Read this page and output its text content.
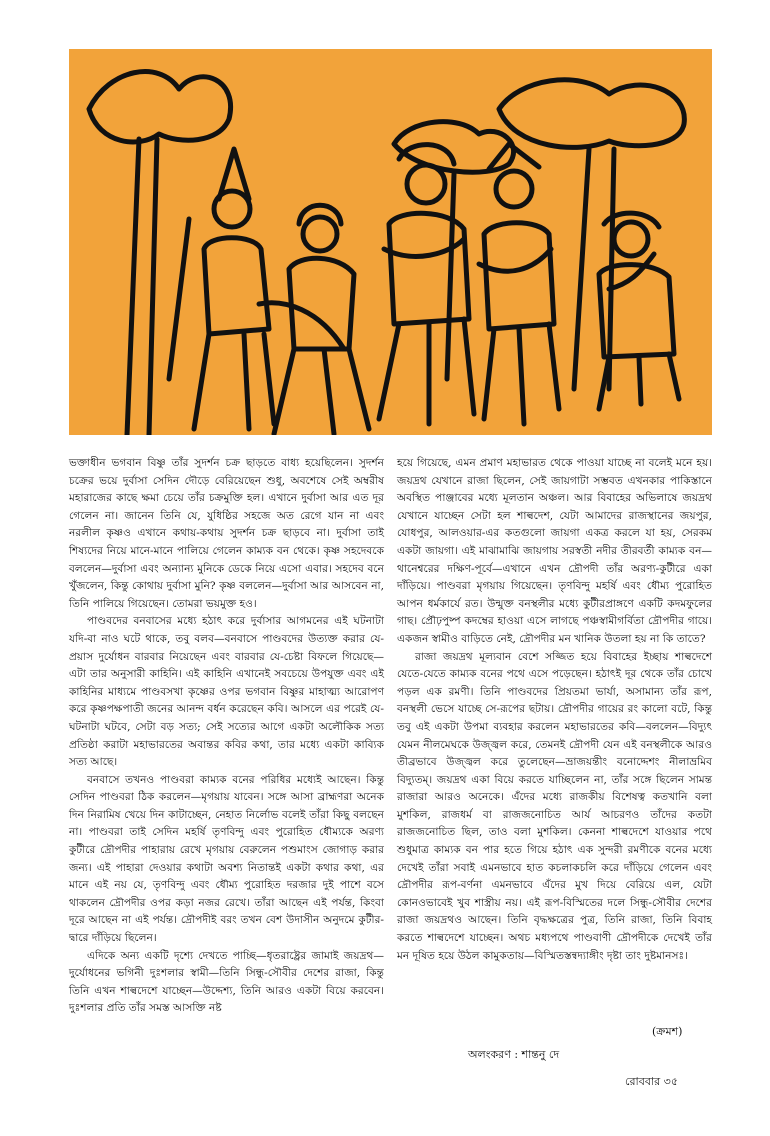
ভক্তাধীন ভগবান বিষ্ণু তাঁর সুদর্শন চক্র ছাড়তে বাধ্য হয়েছিলেন। সুদর্শন চক্রের ভয়ে দুর্বাসা সেদিন দৌড়ে বেরিয়েছেন শুধু, অবশেষে সেই অম্বরীষ মহারাজের কাছে ক্ষমা চেয়ে তাঁর চক্রমুক্তি হল। এখানে দুর্বাসা আর এত দূর গেলেন না। জানেন তিনি যে, যুধিষ্ঠির সহজে অত রেগে যান না এবং নরলীল কৃষ্ণও এখানে কথায়-কথায় সুদর্শন চক্র ছাড়বে না। দুর্বাসা তাই শিষ্যদের নিয়ে মানে-মানে পালিয়ে গেলেন কাম্যক বন থেকে। কৃষ্ণ সহদেবকে বললেন—দুর্বাসা এবং অন্যান্য মুনিকে ডেকে নিয়ে এসো এবার। সহদেব বনে খুঁজলেন, কিন্তু কোথায় দুর্বাসা মুনি? কৃষ্ণ বললেন—দুর্বাসা আর আসবেন না, তিনি পালিয়ে গিয়েছেন। তোমরা ভয়মুক্ত হও।

পাণ্ডবদের বনবাসের মধ্যে হঠাৎ করে দুর্বাসার আগমনের এই ঘটনাটা যদি-বা নাও ঘটে থাকে, তবু বলব—বনবাসে পাণ্ডবদের উত্যক্ত করার যে-প্রয়াস দুর্যোধন বারবার নিয়েছেন এবং বারবার যে-চেষ্টা বিফলে গিয়েছে—এটা তার অনুসারী কাহিনি। এই কাহিনি এখানেই সবচেয়ে উপযুক্ত এবং এই কাহিনির মাধ্যমে পাণ্ডবসখা কৃষ্ণের ওপর ভগবান বিষ্ণুর মাহাত্ম্য আরোপণ করে কৃষ্ণপক্ষপাতী জনের আনন্দ বর্ধন করেছেন কবি। আসলে এর পরেই যে-ঘটনাটা ঘটবে, সেটা বড় সত্য; সেই সত্যের আগে একটা অলৌকিক সত্য প্রতিষ্ঠা করাটা মহাভারতের অবান্তর কবির কথা, তার মধ্যে একটা কাব্যিক সত্য আছে।

বনবাসে তখনও পাণ্ডবরা কাম্যক বনের পরিধির মধ্যেই আছেন। কিন্তু সেদিন পাণ্ডবরা ঠিক করলেন—মৃগয়ায় যাবেন। সঙ্গে আসা ব্রাহ্মণরা অনেক দিন নিরামিষ খেয়ে দিন কাটাচ্ছেন, নেহাত নির্লোভ বলেই তাঁরা কিছু বলছেন না। পাণ্ডবরা তাই সেদিন মহর্ষি তৃণবিন্দু এবং পুরোহিত ধৌম্যকে অরণ্য কুটীরে দ্রৌপদীর পাহারায় রেখে মৃগয়ায় বেরুলেন পশুমাংস জোগাড় করার জন্য। এই পাহারা দেওয়ার কথাটা অবশ্য নিতান্তই একটা কথার কথা, এর মানে এই নয় যে, তৃণবিন্দু এবং ধৌম্য পুরোহিত দরজার দুই পাশে বসে থাকলেন দ্রৌপদীর ওপর কড়া নজর রেখে। তাঁরা আছেন এই পর্যন্ত, কিংবা দূরে আছেন না এই পর্যন্ত। দ্রৌপদীই বরং তখন বেশ উদাসীন অনুদমে কুটীর-দ্বারে দাঁড়িয়ে ছিলেন।

এদিকে অন্য একটি দৃশ্যে দেখতে পাচ্ছি—ধৃতরাষ্ট্রের জামাই জয়দ্রথ—দুর্যোধনের ভগিনী দুঃশলার স্বামী—তিনি সিন্ধু-সৌবীর দেশের রাজা, কিন্তু তিনি এখন শাল্বদেশে যাচ্ছেন—উদ্দেশ্য, তিনি আরও একটা বিয়ে করবেন। দুঃশলার প্রতি তাঁর সমস্ত আসক্তি নষ্ট

হয়ে গিয়েছে, এমন প্রমাণ মহাভারত থেকে পাওয়া যাচ্ছে না বলেই মনে হয়। জয়দ্রথ যেখানে রাজা ছিলেন, সেই জায়গাটা সম্ভবত এখনকার পাকিস্তানে অবস্থিত পাঞ্জাবের মধ্যে মূলতান অঞ্চল। আর বিবাহের অভিলাষে জয়দ্রথ যেখানে যাচ্ছেন সেটা হল শাল্বদেশ, যেটা আমাদের রাজস্থানের জয়পুর, যোধপুর, আলওয়ার-এর কতগুলো জায়গা একত্র করলে যা হয়, সেরকম একটা জায়গা। এই মাঝামাঝি জায়গায় সরস্বতী নদীর তীরবর্তী কাম্যক বন—থানেশ্বরের দক্ষিণ-পূর্বে—এখানে এখন দ্রৌপদী তাঁর অরণ্য-কুটীরে একা দাঁড়িয়ে। পাণ্ডবরা মৃগয়ায় গিয়েছেন। তৃণবিন্দু মহর্ষি এবং ধৌম্য পুরোহিত আপন ধর্মকার্যে রত। উন্মুক্ত বনস্থলীর মধ্যে কুটীরপ্রাঙ্গণে একটি কদমফুলের গাছ। প্রৌঢ়পুষ্প কদম্বের হাওয়া এসে লাগছে পঞ্চস্বামীগর্বিতা দ্রৌপদীর গায়ে। একজন স্বামীও বাড়িতে নেই, দ্রৌপদীর মন খানিক উতলা হয় না কি তাতে?

রাজা জয়দ্রথ মূল্যবান বেশে সজ্জিত হয়ে বিবাহের ইচ্ছায় শাল্বদেশে যেতে-যেতে কাম্যক বনের পথে এসে পড়েছেন। হঠাৎই দূর থেকে তাঁর চোখে পড়ল এক রমণী। তিনি পাণ্ডবদের প্রিয়তমা ভার্যা, অসামান্য তাঁর রূপ, বনস্থলী ভেসে যাচ্ছে সে-রূপের ছটায়। দ্রৌপদীর গায়ের রং কালো বটে, কিন্তু তবু এই একটা উপমা ব্যবহার করলেন মহাভারতের কবি—বললেন—বিদ্যুৎ যেমন নীলমেঘকে উজ্জ্বল করে, তেমনই দ্রৌপদী যেন এই বনস্থলীকে আরও তীব্রভাবে উজ্জ্বল করে তুলেছেন—ভ্রাজয়ন্তীং বনোদ্দেশং নীলাভ্রমিব বিদ্যুতম্। জয়দ্রথ একা বিয়ে করতে যাচ্ছিলেন না, তাঁর সঙ্গে ছিলেন সামন্ত রাজারা আরও অনেকে। এঁদের মধ্যে রাজকীয় বিশেষত্ব কতখানি বলা মুশকিল, রাজধর্ম বা রাজজনোচিত আর্য আচরণও তাঁদের কতটা রাজজনোচিত ছিল, তাও বলা মুশকিল। কেননা শাল্বদেশে যাওয়ার পথে শুধুমাত্র কাম্যক বন পার হতে গিয়ে হঠাৎ এক সুন্দরী রমণীকে বনের মধ্যে দেখেই তাঁরা সবাই এমনভাবে হাত কচলাকচলি করে দাঁড়িয়ে গেলেন এবং দ্রৌপদীর রূপ-বর্ণনা এমনভাবে এঁদের মুখ দিয়ে বেরিয়ে এল, যেটা কোনওভাবেই খুব শাস্ত্রীয় নয়। এই রূপ-বিস্মিতের দলে সিন্ধু-সৌবীর দেশের রাজা জয়দ্রথও আছেন। তিনি বৃদ্ধক্ষত্রের পুত্র, তিনি রাজা, তিনি বিবাহ করতে শাল্বদেশে যাচ্ছেন। অথচ মধ্যপথে পাণ্ডবাণী দ্রৌপদীকে দেখেই তাঁর মন দূষিত হয়ে উঠল কামুকতায়—বিস্মিতস্তন্বদ্যাঙ্গীং দৃষ্টা তাং দুষ্টমানসঃ।

(ক্রমশ)
অলংকরণ : শান্তনু দে
রোববার ৩৫
